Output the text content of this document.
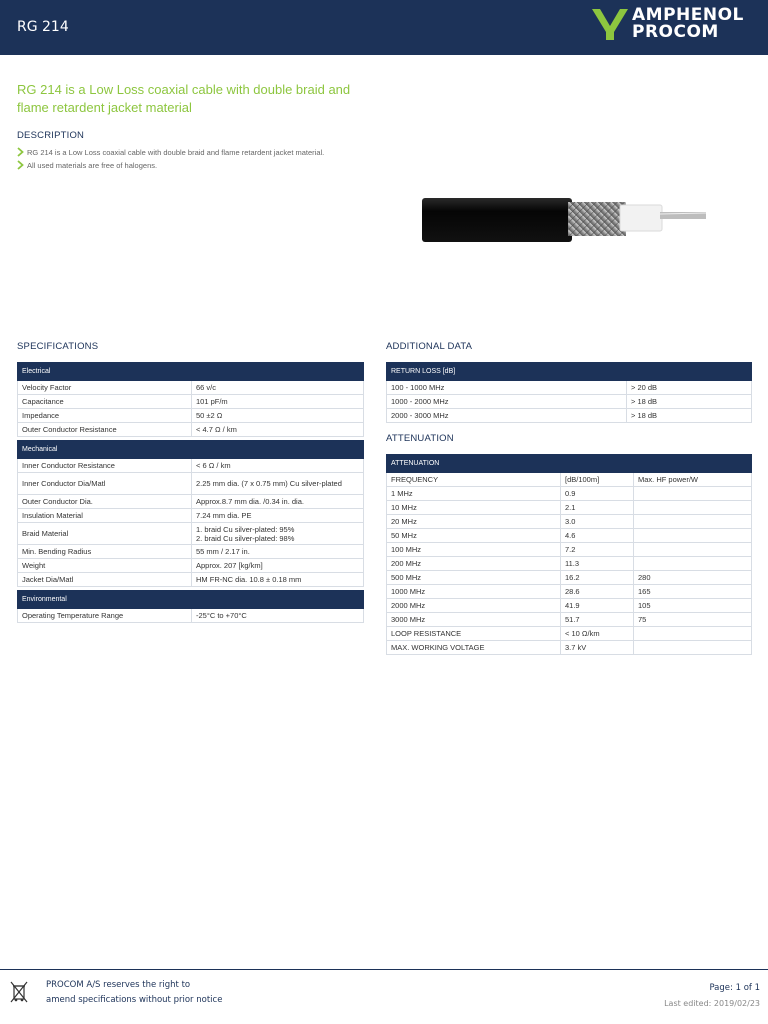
RG 214
AMPHENOL
PROCOM
RG 214 is a Low Loss coaxial cable with double braid and flame retardent jacket material
DESCRIPTION
RG 214 is a Low Loss coaxial cable with double braid and flame retardent jacket material.
All used materials are free of halogens.
SPECIFICATIONS	ADDITIONAL DATA
ATTENUATION
Electrical	
Velocity Factor	66 v/c
Capacitance	101 pF/m
Impedance	50 ±2 Ω
Outer Conductor Resistance	< 4.7 Ω / km

Mechanical	
Inner Conductor Resistance	< 6 Ω / km
Inner Conductor Dia/Matl	2.25 mm dia. (7 x 0.75 mm) Cu silver-plated
Outer Conductor Dia.	Approx.8.7 mm dia. /0.34 in. dia.
Insulation Material	7.24 mm dia. PE
Braid Material	1. braid Cu silver-plated: 95%
2. braid Cu silver-plated: 98%
Min. Bending Radius	55 mm / 2.17 in.
Weight	Approx. 207 [kg/km]
Jacket Dia/Matl	HM FR-NC dia. 10.8 ± 0.18 mm

Environmental	
Operating Temperature Range	-25°C to +70°C
RETURN LOSS [dB]	
100 - 1000 MHz	> 20 dB
1000 - 2000 MHz	> 18 dB
2000 - 3000 MHz	> 18 dB
ATTENUATION		
FREQUENCY	[dB/100m]	Max. HF power/W
1 MHz	0.9	
10 MHz	2.1	
20 MHz	3.0	
50 MHz	4.6	
100 MHz	7.2	
200 MHz	11.3	
500 MHz	16.2	280
1000 MHz	28.6	165
2000 MHz	41.9	105
3000 MHz	51.7	75
LOOP RESISTANCE	< 10 Ω/km	
MAX. WORKING VOLTAGE	3.7 kV	
PROCOM A/S reserves the right to
amend specifications without prior notice
Page: 1 of 1
Last edited: 2019/02/23
